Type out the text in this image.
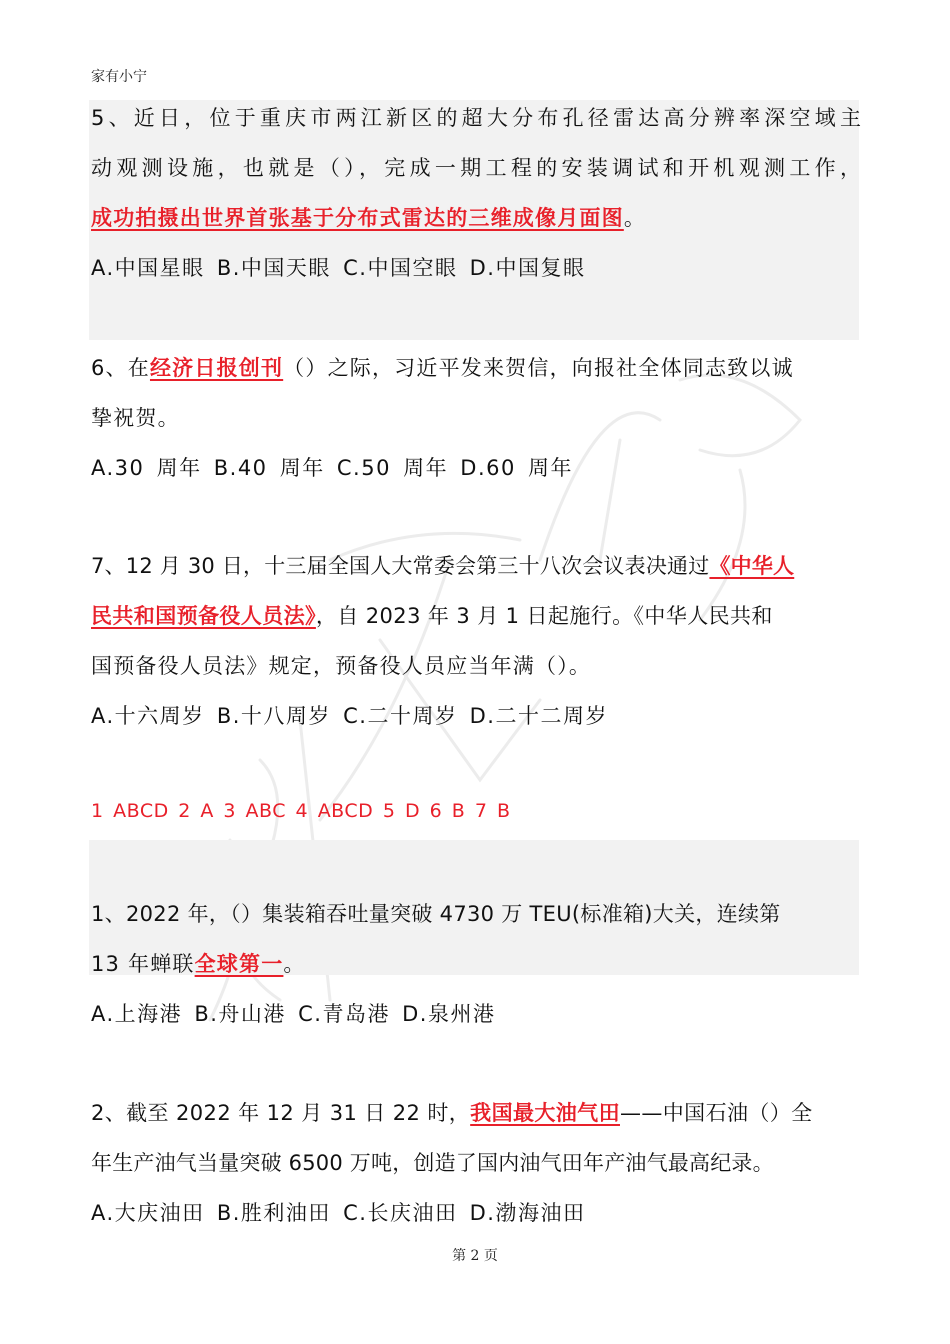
家有小宁
5、近日，位于重庆市两江新区的超大分布孔径雷达高分辨率深空域主
动观测设施，也就是（），完成一期工程的安装调试和开机观测工作，
成功拍摄出世界首张基于分布式雷达的三维成像月面图。
A.中国星眼 B.中国天眼 C.中国空眼 D.中国复眼
6、在经济日报创刊（）之际，习近平发来贺信，向报社全体同志致以诚
挚祝贺。
A.30 周年 B.40 周年 C.50 周年 D.60 周年
7、12 月 30 日，十三届全国人大常委会第三十八次会议表决通过《中华人
民共和国预备役人员法》，自 2023 年 3 月 1 日起施行。《中华人民共和
国预备役人员法》规定，预备役人员应当年满（）。
A.十六周岁 B.十八周岁 C.二十周岁 D.二十二周岁
1 ABCD 2 A 3 ABC 4 ABCD 5 D 6 B 7 B
1、2022 年，（）集装箱吞吐量突破 4730 万 TEU(标准箱)大关，连续第
13 年蝉联全球第一。
A.上海港 B.舟山港 C.青岛港 D.泉州港
2、截至 2022 年 12 月 31 日 22 时，我国最大油气田——中国石油（）全
年生产油气当量突破 6500 万吨，创造了国内油气田年产油气最高纪录。
A.大庆油田 B.胜利油田 C.长庆油田 D.渤海油田
第 2 页
